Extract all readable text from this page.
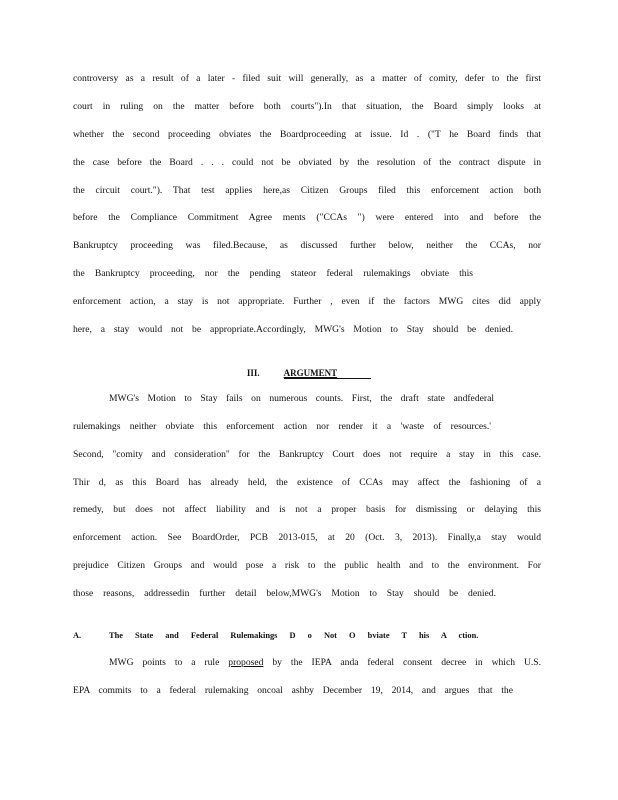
controversy as a result of a later - filed suit will generally, as a matter of comity, defer to the first
court in ruling on the matter before both courts").In that situation, the Board simply looks at
whether the second proceeding obviates the Boardproceeding at issue. Id . ("T he Board finds that
the case before the Board . . . could not be obviated by the resolution of the contract dispute in
the circuit court."). That test applies here,as Citizen Groups filed this enforcement action both
before the Compliance Commitment Agree ments ("CCAs ") were entered into and before the
Bankruptcy proceeding was filed.Because, as discussed further below, neither the CCAs, nor
the Bankruptcy proceeding, nor the pending stateor federal rulemakings obviate this
enforcement action, a stay is not appropriate. Further , even if the factors MWG cites did apply
here, a stay would not be appropriate.Accordingly, MWG's Motion to Stay should be denied.
III.	ARGUMENT
MWG's Motion to Stay fails on numerous counts. First, the draft state andfederal
rulemakings neither obviate this enforcement action nor render it a 'waste of resources.'
Second, "comity and consideration" for the Bankruptcy Court does not require a stay in this case.
Thir d, as this Board has already held, the existence of CCAs may affect the fashioning of a
remedy, but does not affect liability and is not a proper basis for dismissing or delaying this
enforcement action. See BoardOrder, PCB 2013-015, at 20 (Oct. 3, 2013). Finally,a stay would
prejudice Citizen Groups and would pose a risk to the public health and to the environment. For
those reasons, addressedin further detail below,MWG's Motion to Stay should be denied.
A.	The State and Federal Rulemakings D o Not O bviate T his A ction.
MWG points to a rule proposed by the IEPA anda federal consent decree in which U.S.
EPA commits to a federal rulemaking oncoal ashby December 19, 2014, and argues that the
